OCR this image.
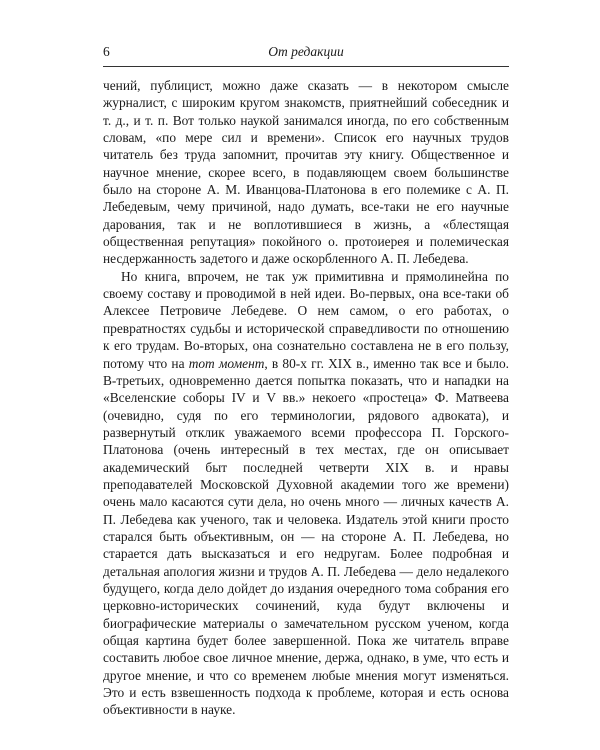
6	От редакции

чений, публицист, можно даже сказать — в некотором смысле журналист, с широким кругом знакомств, приятнейший собеседник и т. д., и т. п. Вот только наукой занимался иногда, по его собственным словам, «по мере сил и времени». Список его научных трудов читатель без труда запомнит, прочитав эту книгу. Общественное и научное мнение, скорее всего, в подавляющем своем большинстве было на стороне А. М. Иванцова-Платонова в его полемике с А. П. Лебедевым, чему причиной, надо думать, все-таки не его научные дарования, так и не воплотившиеся в жизнь, а «блестящая общественная репутация» покойного о. протоиерея и полемическая несдержанность задетого и даже оскорбленного А. П. Лебедева.

Но книга, впрочем, не так уж примитивна и прямолинейна по своему составу и проводимой в ней идеи. Во-первых, она все-таки об Алексее Петровиче Лебедеве. О нем самом, о его работах, о превратностях судьбы и исторической справедливости по отношению к его трудам. Во-вторых, она сознательно составлена не в его пользу, потому что на тот момент, в 80-х гг. XIX в., именно так все и было. В-третьих, одновременно дается попытка показать, что и нападки на «Вселенские соборы IV и V вв.» некоего «простеца» Ф. Матвеева (очевидно, судя по его терминологии, рядового адвоката), и развернутый отклик уважаемого всеми профессора П. Горского-Платонова (очень интересный в тех местах, где он описывает академический быт последней четверти XIX в. и нравы преподавателей Московской Духовной академии того же времени) очень мало касаются сути дела, но очень много — личных качеств А. П. Лебедева как ученого, так и человека. Издатель этой книги просто старался быть объективным, он — на стороне А. П. Лебедева, но старается дать высказаться и его недругам. Более подробная и детальная апология жизни и трудов А. П. Лебедева — дело недалекого будущего, когда дело дойдет до издания очередного тома собрания его церковно-исторических сочинений, куда будут включены и биографические материалы о замечательном русском ученом, когда общая картина будет более завершенной. Пока же читатель вправе составить любое свое личное мнение, держа, однако, в уме, что есть и другое мнение, и что со временем любые мнения могут изменяться. Это и есть взвешенность подхода к проблеме, которая и есть основа объективности в науке.
